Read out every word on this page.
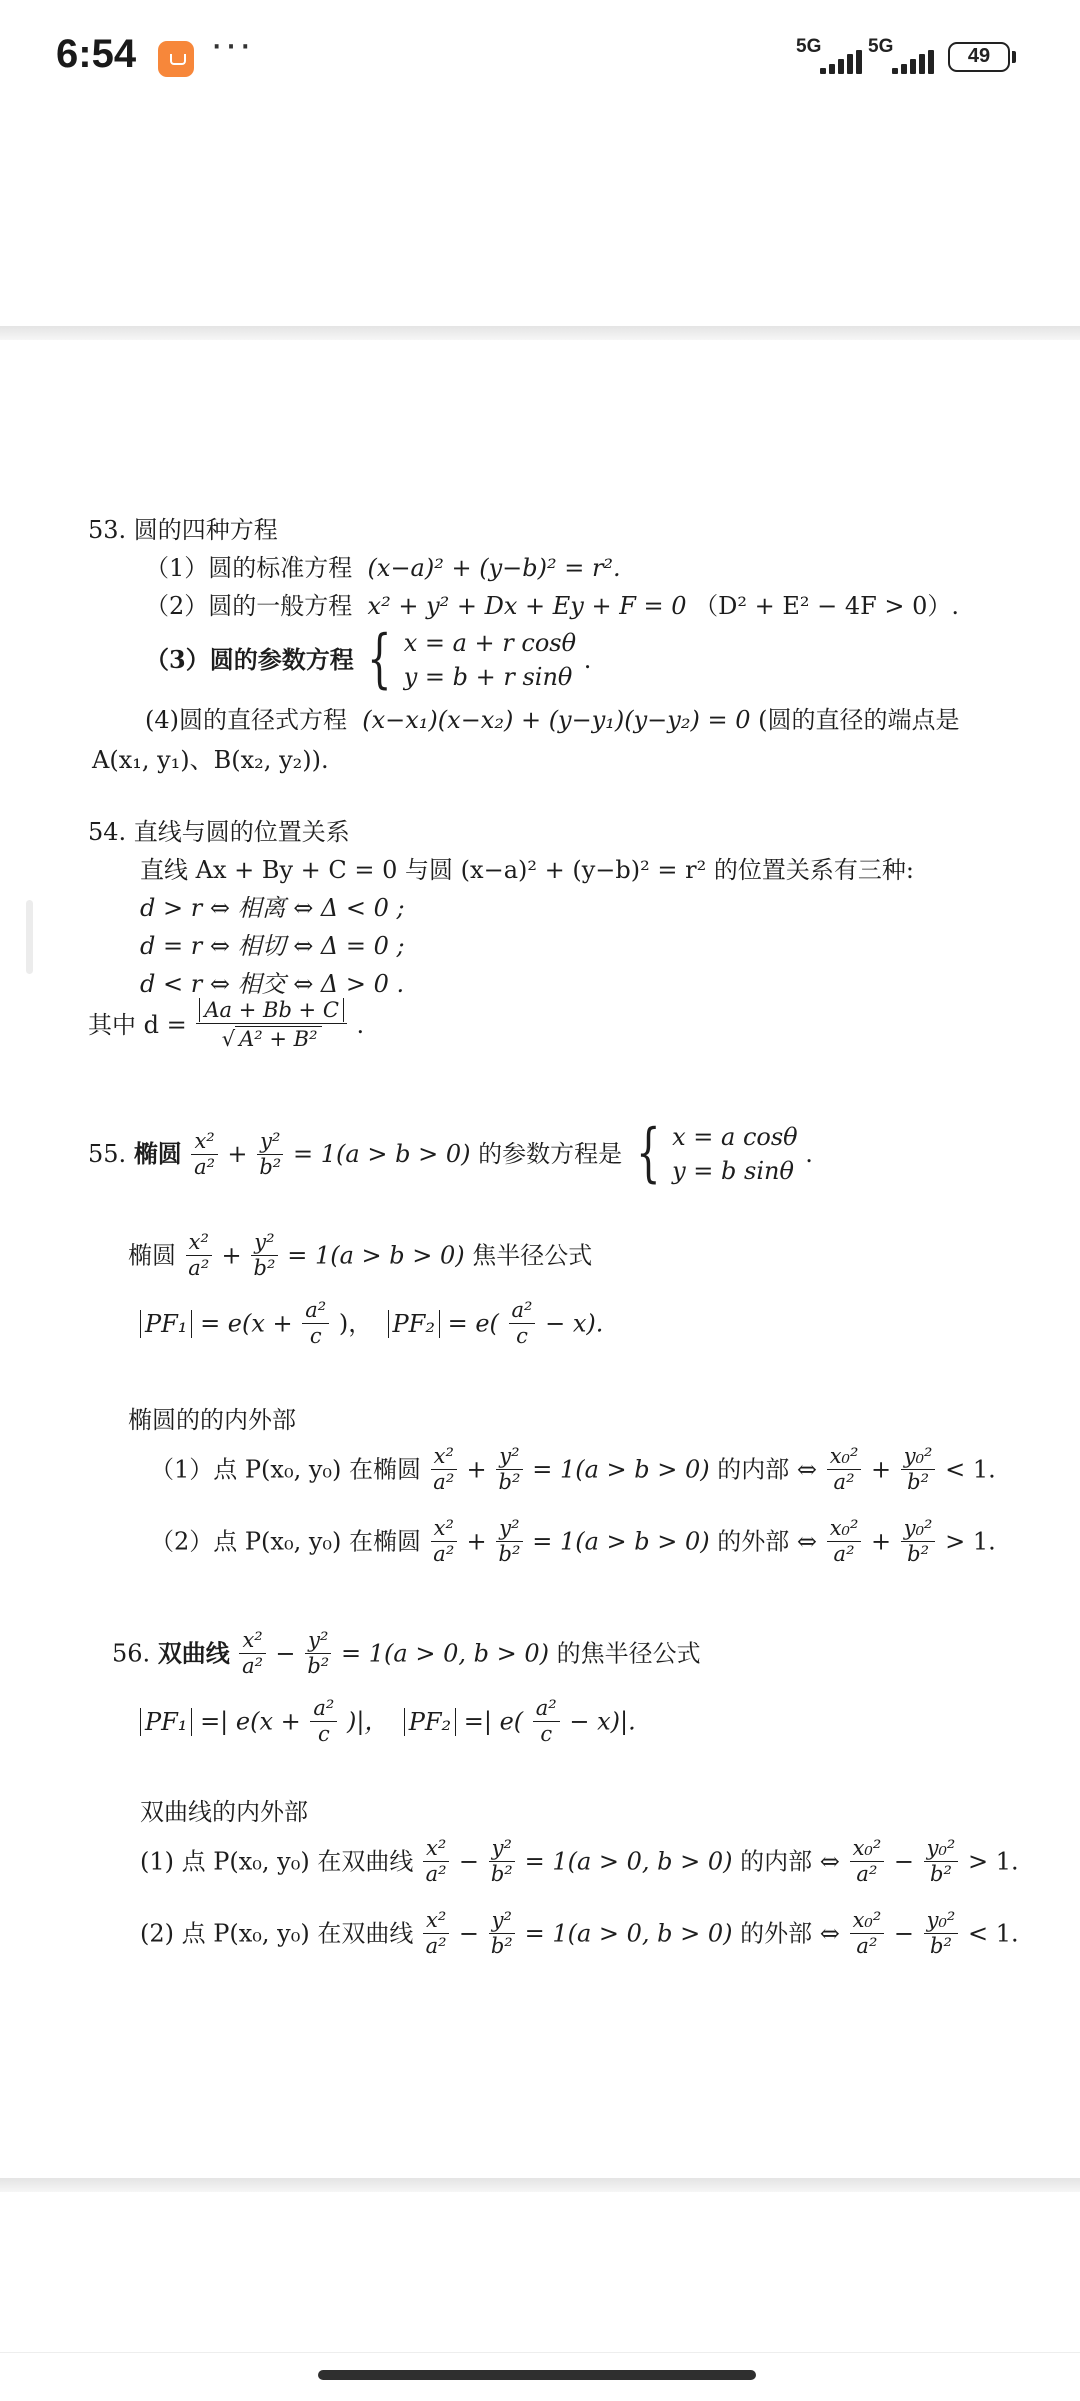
6:54 ···	5G 5G	49
53. 圆的四种方程
（1）圆的标准方程 (x−a)² + (y−b)² = r².
（2）圆的一般方程 x² + y² + Dx + Ey + F = 0 （D² + E² − 4F > 0）.
（3）圆的参数方程 { x = a + r cosθ
y = b + r sinθ
.
(4)圆的直径式方程 (x−x₁)(x−x₂) + (y−y₁)(y−y₂) = 0 (圆的直径的端点是
A(x₁, y₁)、B(x₂, y₂)).
54. 直线与圆的位置关系
直线 Ax + By + C = 0 与圆 (x−a)² + (y−b)² = r² 的位置关系有三种:
d > r ⇔ 相离 ⇔ Δ < 0 ;
d = r ⇔ 相切 ⇔ Δ = 0 ;
d < r ⇔ 相交 ⇔ Δ > 0 .
其中 $d = \frac{Aa + Bb + C}{\text{√ A² + B²}}$ .
55. 椭圆 $\frac{\text{x²}}{\text{a²}} + \frac{\text{y²}}{\text{b²}} = 1(a > b > 0)$ 的参数方程是 { x = a cosθ
y = b sinθ
.
椭圆 $\frac{\text{x²}}{\text{a²}} + \frac{\text{y²}}{\text{b²}} = 1(a > b > 0)$ 焦半径公式
$PF_1 = e(x + \frac{\text{a²}}{c}$ )， $PF_2 = e( \frac{\text{a²}}{c} - x)$.
椭圆的的内外部
（1）点 P(x₀, y₀) 在椭圆 $\frac{\text{x²}}{\text{a²}} + \frac{\text{y²}}{\text{b²}} = 1(a > b > 0)$ 的内部 ⇔ $\frac{\text{x₀²}}{\text{a²}} + \frac{\text{y₀²}}{\text{b²}} < 1$.
（2）点 P(x₀, y₀) 在椭圆 $\frac{\text{x²}}{\text{a²}} + \frac{\text{y²}}{\text{b²}} = 1(a > b > 0)$ 的外部 ⇔ $\frac{\text{x₀²}}{\text{a²}} + \frac{\text{y₀²}}{\text{b²}} > 1$.
56. 双曲线 $\frac{\text{x²}}{\text{a²}} - \frac{\text{y²}}{\text{b²}} = 1(a > 0$, b > 0) 的焦半径公式
PF₁ =| $e(x + \frac{\text{a²}}{c}$ )|， PF₂ =| $e( \frac{\text{a²}}{c} - x)|$.
双曲线的内外部
(1) 点 P(x₀, y₀) 在双曲线 $\frac{\text{x²}}{\text{a²}} - \frac{\text{y²}}{\text{b²}} = 1(a > 0$, b > 0) 的内部 ⇔ $\frac{\text{x₀²}}{\text{a²}} - \frac{\text{y₀²}}{\text{b²}} > 1$.
(2) 点 P(x₀, y₀) 在双曲线 $\frac{\text{x²}}{\text{a²}} - \frac{\text{y²}}{\text{b²}} = 1(a > 0$, b > 0) 的外部 ⇔ $\frac{\text{x₀²}}{\text{a²}} - \frac{\text{y₀²}}{\text{b²}} < 1$.
